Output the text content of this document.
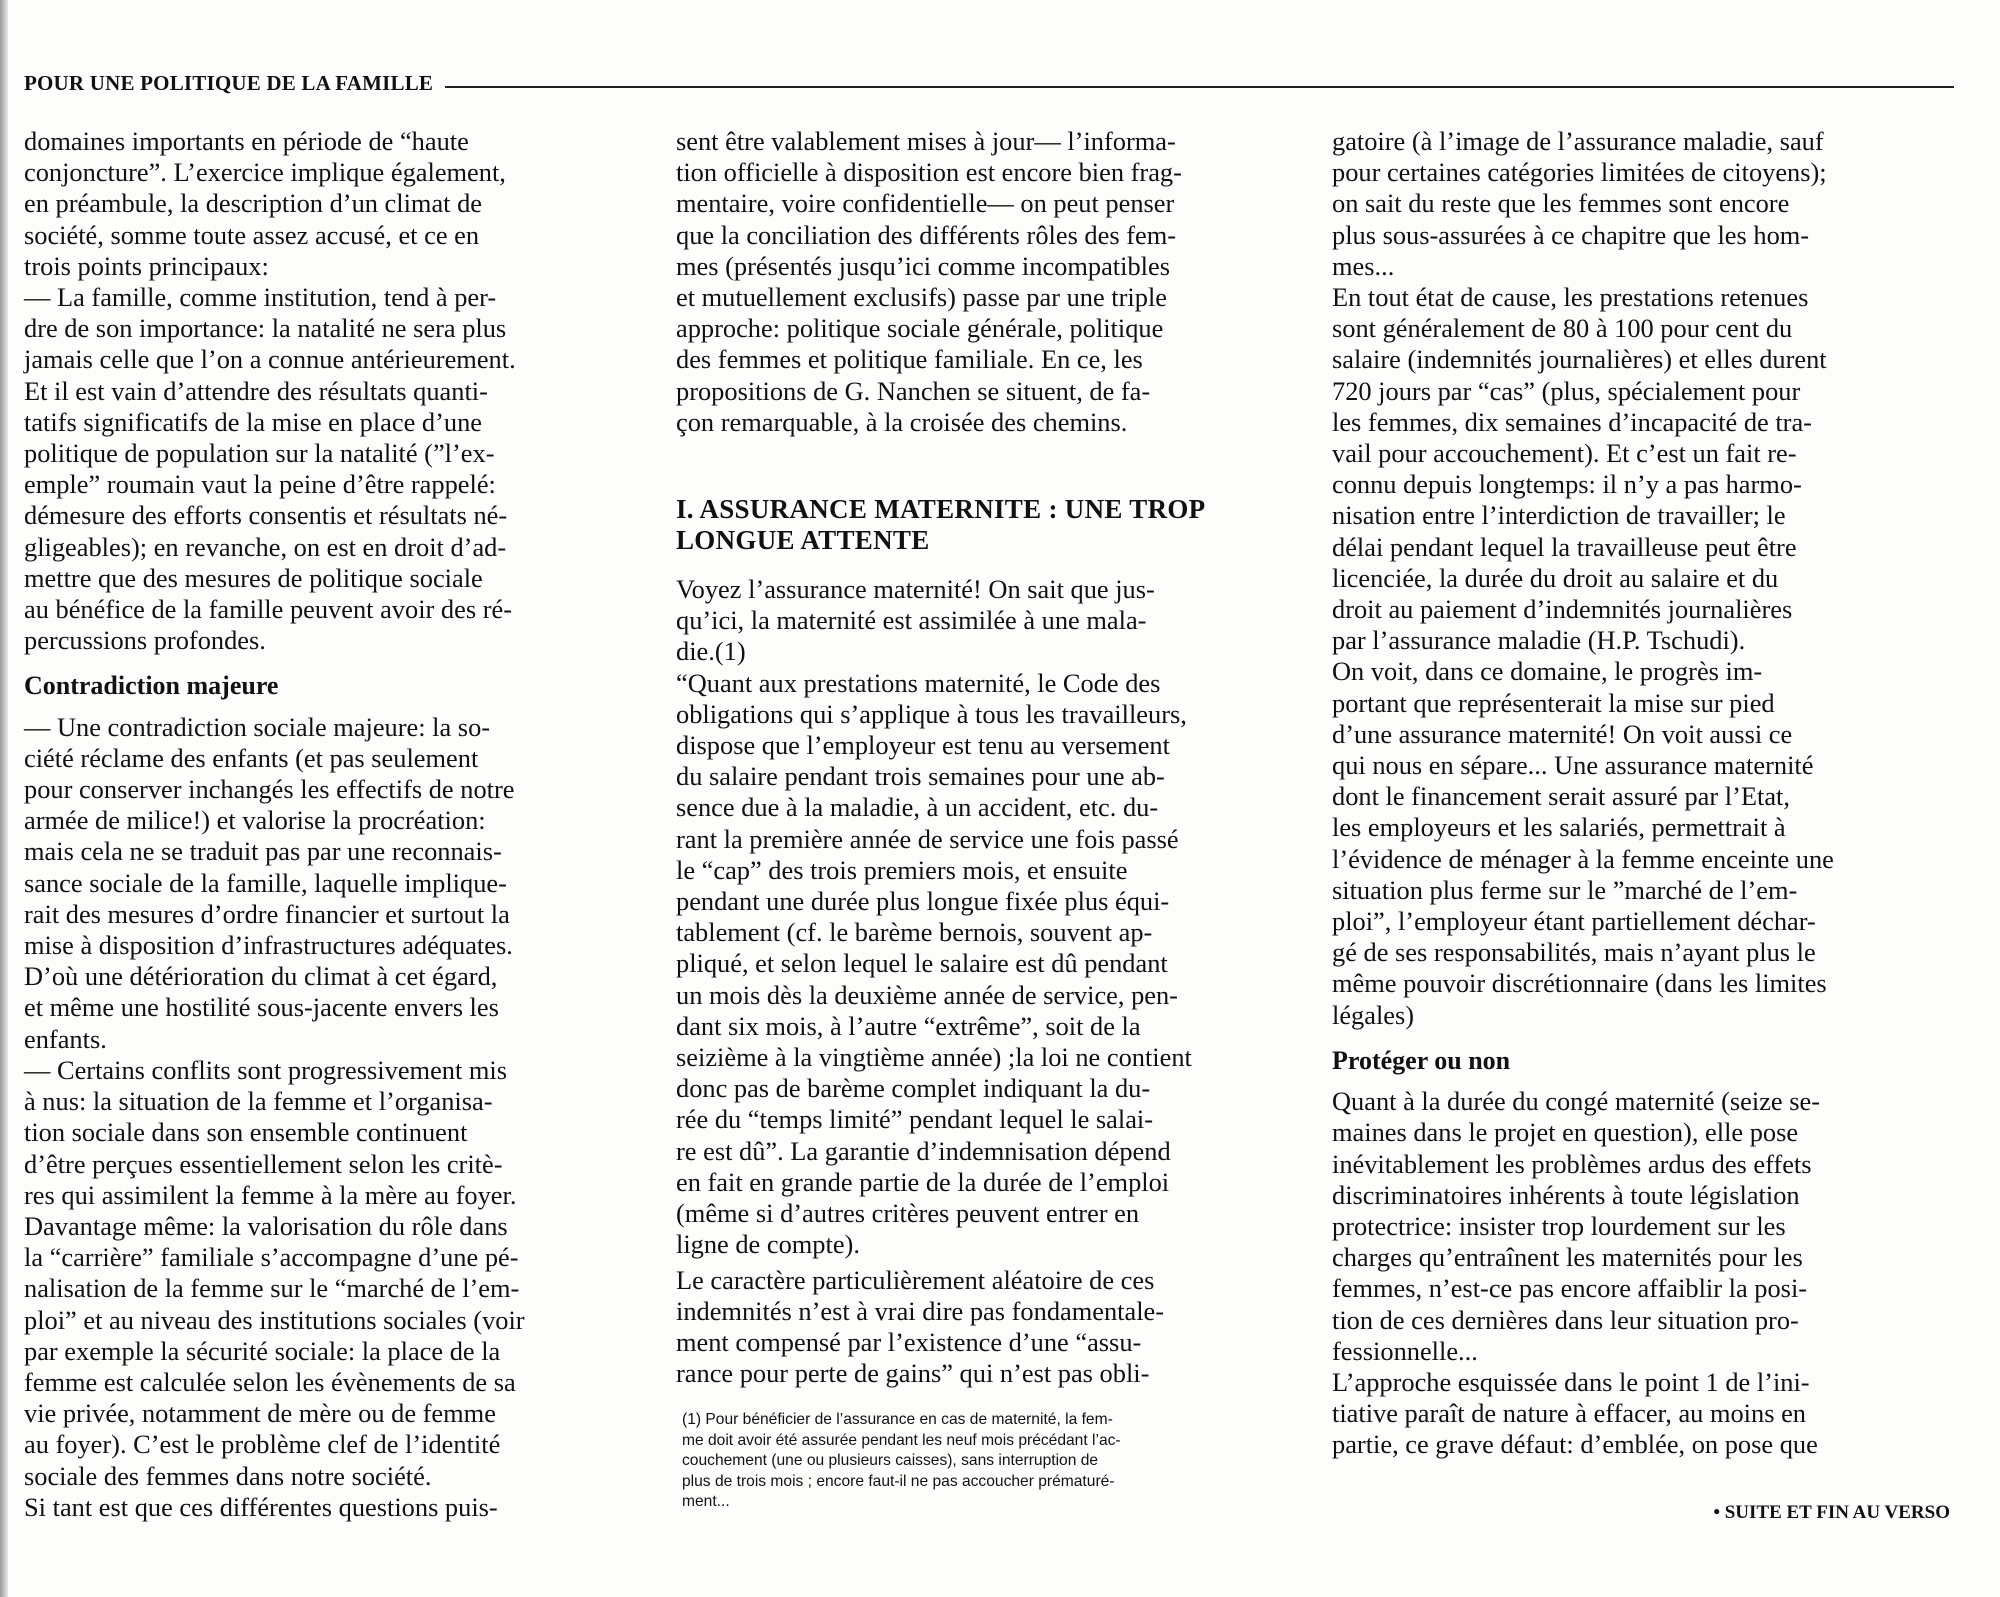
POUR UNE POLITIQUE DE LA FAMILLE

domaines importants en période de “haute
conjoncture”. L’exercice implique également,
en préambule, la description d’un climat de
société, somme toute assez accusé, et ce en
trois points principaux:

— La famille, comme institution, tend à per-
dre de son importance: la natalité ne sera plus
jamais celle que l’on a connue antérieurement.
Et il est vain d’attendre des résultats quanti-
tatifs significatifs de la mise en place d’une
politique de population sur la natalité (”l’ex-
emple” roumain vaut la peine d’être rappelé:
démesure des efforts consentis et résultats né-
gligeables); en revanche, on est en droit d’ad-
mettre que des mesures de politique sociale
au bénéfice de la famille peuvent avoir des ré-
percussions profondes.

Contradiction majeure

— Une contradiction sociale majeure: la so-
ciété réclame des enfants (et pas seulement
pour conserver inchangés les effectifs de notre
armée de milice!) et valorise la procréation:
mais cela ne se traduit pas par une reconnais-
sance sociale de la famille, laquelle implique-
rait des mesures d’ordre financier et surtout la
mise à disposition d’infrastructures adéquates.
D’où une détérioration du climat à cet égard,
et même une hostilité sous-jacente envers les
enfants.

— Certains conflits sont progressivement mis
à nus: la situation de la femme et l’organisa-
tion sociale dans son ensemble continuent
d’être perçues essentiellement selon les critè-
res qui assimilent la femme à la mère au foyer.
Davantage même: la valorisation du rôle dans
la “carrière” familiale s’accompagne d’une pé-
nalisation de la femme sur le “marché de l’em-
ploi” et au niveau des institutions sociales (voir
par exemple la sécurité sociale: la place de la
femme est calculée selon les évènements de sa
vie privée, notamment de mère ou de femme
au foyer). C’est le problème clef de l’identité
sociale des femmes dans notre société.

Si tant est que ces différentes questions puis-

sent être valablement mises à jour— l’informa-
tion officielle à disposition est encore bien frag-
mentaire, voire confidentielle— on peut penser
que la conciliation des différents rôles des fem-
mes (présentés jusqu’ici comme incompatibles
et mutuellement exclusifs) passe par une triple
approche: politique sociale générale, politique
des femmes et politique familiale. En ce, les
propositions de G. Nanchen se situent, de fa-
çon remarquable, à la croisée des chemins.

I. ASSURANCE MATERNITE : UNE TROP
LONGUE ATTENTE

Voyez l’assurance maternité! On sait que jus-
qu’ici, la maternité est assimilée à une mala-
die.(1)

“Quant aux prestations maternité, le Code des
obligations qui s’applique à tous les travailleurs,
dispose que l’employeur est tenu au versement
du salaire pendant trois semaines pour une ab-
sence due à la maladie, à un accident, etc. du-
rant la première année de service une fois passé
le “cap” des trois premiers mois, et ensuite
pendant une durée plus longue fixée plus équi-
tablement (cf. le barème bernois, souvent ap-
pliqué, et selon lequel le salaire est dû pendant
un mois dès la deuxième année de service, pen-
dant six mois, à l’autre “extrême”, soit de la
seizième à la vingtième année) ;la loi ne contient
donc pas de barème complet indiquant la du-
rée du “temps limité” pendant lequel le salai-
re est dû”. La garantie d’indemnisation dépend
en fait en grande partie de la durée de l’emploi
(même si d’autres critères peuvent entrer en
ligne de compte).

Le caractère particulièrement aléatoire de ces
indemnités n’est à vrai dire pas fondamentale-
ment compensé par l’existence d’une “assu-
rance pour perte de gains” qui n’est pas obli-

(1) Pour bénéficier de l’assurance en cas de maternité, la fem-
me doit avoir été assurée pendant les neuf mois précédant l’ac-
couchement (une ou plusieurs caisses), sans interruption de
plus de trois mois ; encore faut-il ne pas accoucher prématuré-
ment...

gatoire (à l’image de l’assurance maladie, sauf
pour certaines catégories limitées de citoyens);
on sait du reste que les femmes sont encore
plus sous-assurées à ce chapitre que les hom-
mes...

En tout état de cause, les prestations retenues
sont généralement de 80 à 100 pour cent du
salaire (indemnités journalières) et elles durent
720 jours par “cas” (plus, spécialement pour
les femmes, dix semaines d’incapacité de tra-
vail pour accouchement). Et c’est un fait re-
connu depuis longtemps: il n’y a pas harmo-
nisation entre l’interdiction de travailler; le
délai pendant lequel la travailleuse peut être
licenciée, la durée du droit au salaire et du
droit au paiement d’indemnités journalières
par l’assurance maladie (H.P. Tschudi).

On voit, dans ce domaine, le progrès im-
portant que représenterait la mise sur pied
d’une assurance maternité! On voit aussi ce
qui nous en sépare... Une assurance maternité
dont le financement serait assuré par l’Etat,
les employeurs et les salariés, permettrait à
l’évidence de ménager à la femme enceinte une
situation plus ferme sur le ”marché de l’em-
ploi”, l’employeur étant partiellement déchar-
gé de ses responsabilités, mais n’ayant plus le
même pouvoir discrétionnaire (dans les limites
légales)

Protéger ou non

Quant à la durée du congé maternité (seize se-
maines dans le projet en question), elle pose
inévitablement les problèmes ardus des effets
discriminatoires inhérents à toute législation
protectrice: insister trop lourdement sur les
charges qu’entraînent les maternités pour les
femmes, n’est-ce pas encore affaiblir la posi-
tion de ces dernières dans leur situation pro-
fessionnelle...

L’approche esquissée dans le point 1 de l’ini-
tiative paraît de nature à effacer, au moins en
partie, ce grave défaut: d’emblée, on pose que

• SUITE ET FIN AU VERSO
